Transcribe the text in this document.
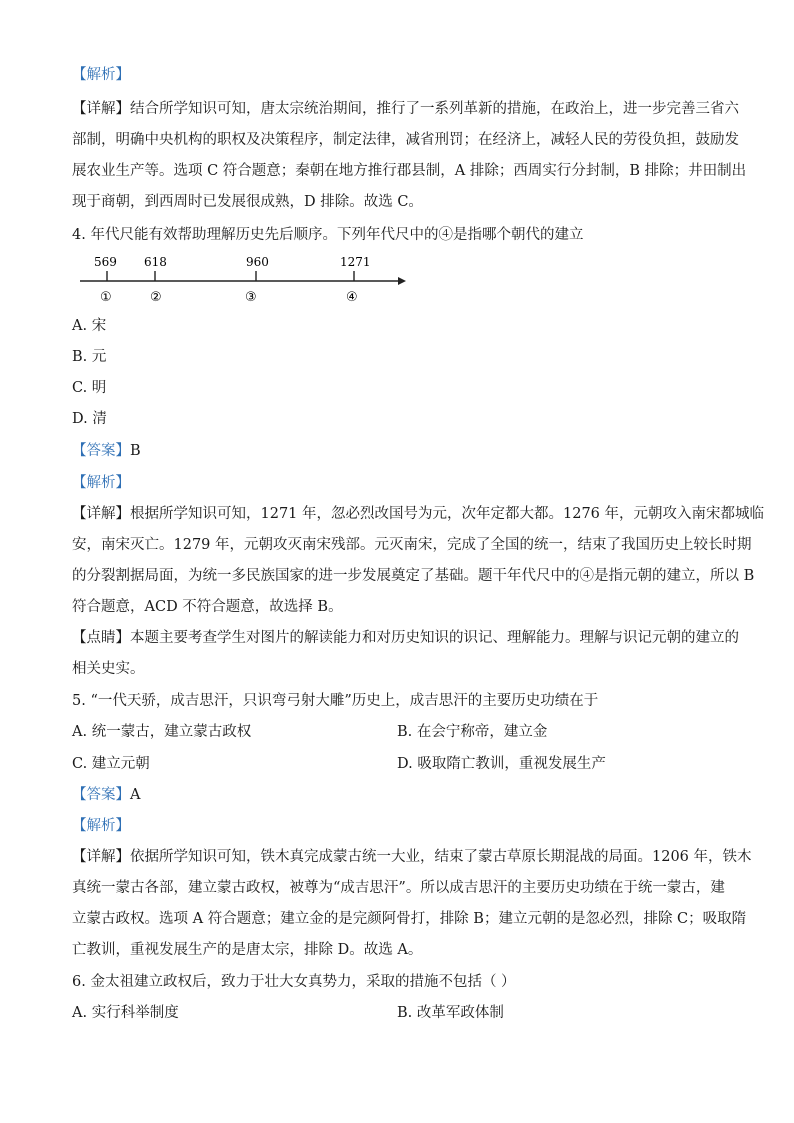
【解析】
【详解】结合所学知识可知，唐太宗统治期间，推行了一系列革新的措施，在政治上，进一步完善三省六
部制，明确中央机构的职权及决策程序，制定法律，减省刑罚；在经济上，减轻人民的劳役负担，鼓励发
展农业生产等。选项 C 符合题意；秦朝在地方推行郡县制，A 排除；西周实行分封制，B 排除；井田制出
现于商朝，到西周时已发展很成熟，D 排除。故选 C。
4. 年代尺能有效帮助理解历史先后顺序。下列年代尺中的④是指哪个朝代的建立
569 618	960	1271
①	②	③	④
A. 宋
B. 元
C. 明
D. 清
【答案】B
【解析】
【详解】根据所学知识可知，1271 年，忽必烈改国号为元，次年定都大都。1276 年，元朝攻入南宋都城临
安，南宋灭亡。1279 年，元朝攻灭南宋残部。元灭南宋，完成了全国的统一，结束了我国历史上较长时期
的分裂割据局面，为统一多民族国家的进一步发展奠定了基础。题干年代尺中的④是指元朝的建立，所以 B
符合题意，ACD 不符合题意，故选择 B。
【点睛】本题主要考查学生对图片的解读能力和对历史知识的识记、理解能力。理解与识记元朝的建立的
相关史实。
5. “一代天骄，成吉思汗，只识弯弓射大雕”历史上，成吉思汗的主要历史功绩在于
A. 统一蒙古，建立蒙古政权	B. 在会宁称帝，建立金
C. 建立元朝	D. 吸取隋亡教训，重视发展生产
【答案】A
【解析】
【详解】依据所学知识可知，铁木真完成蒙古统一大业，结束了蒙古草原长期混战的局面。1206 年，铁木
真统一蒙古各部，建立蒙古政权，被尊为“成吉思汗”。所以成吉思汗的主要历史功绩在于统一蒙古，建
立蒙古政权。选项 A 符合题意；建立金的是完颜阿骨打，排除 B；建立元朝的是忽必烈，排除 C；吸取隋
亡教训，重视发展生产的是唐太宗，排除 D。故选 A。
6. 金太祖建立政权后，致力于壮大女真势力，采取的措施不包括（ ）
A. 实行科举制度	B. 改革军政体制
